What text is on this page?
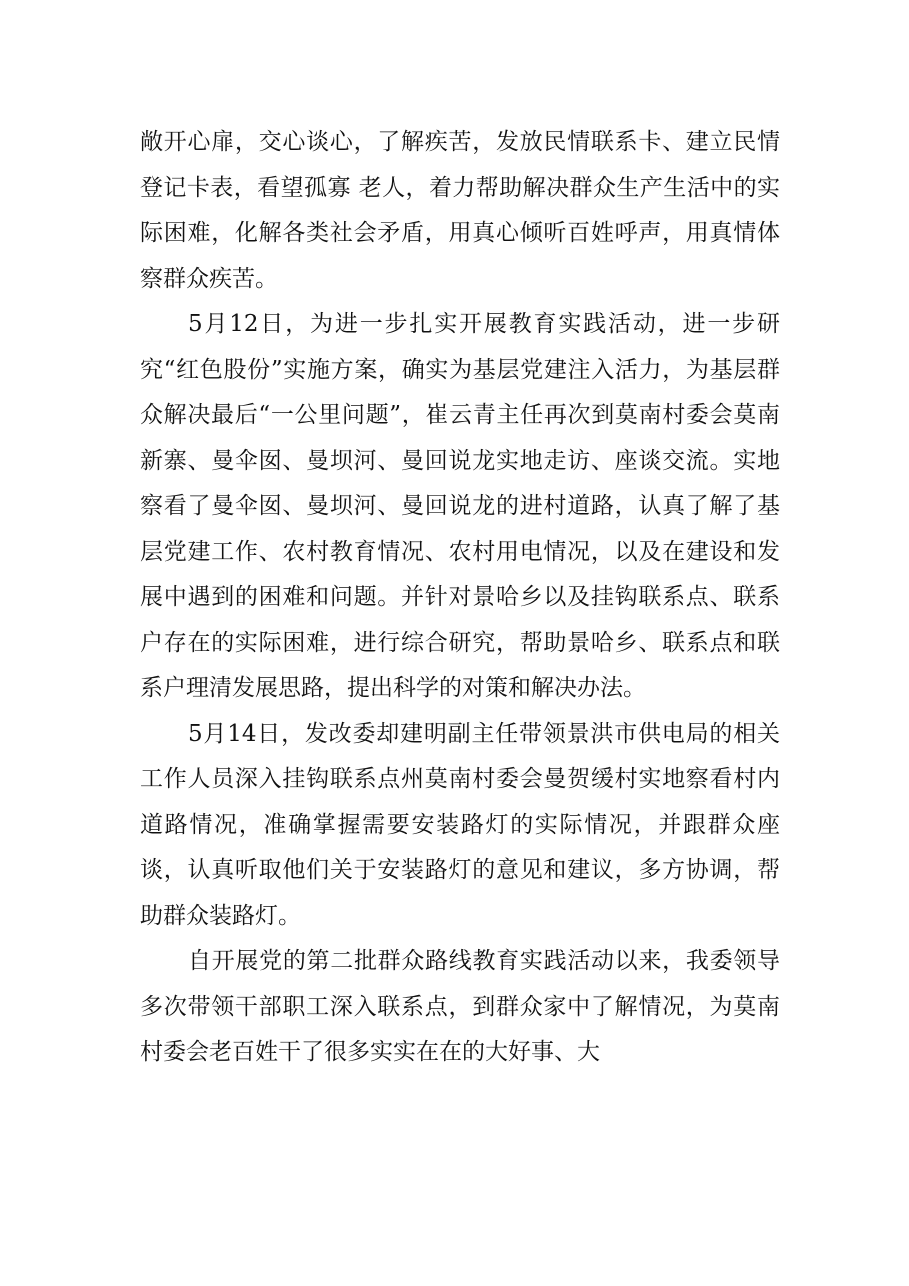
敞开心扉，交心谈心，了解疾苦，发放民情联系卡、建立民情登记卡表，看望孤寡 老人，着力帮助解决群众生产生活中的实际困难，化解各类社会矛盾，用真心倾听百姓呼声，用真情体察群众疾苦。

5月12日，为进一步扎实开展教育实践活动，进一步研究“红色股份”实施方案，确实为基层党建注入活力，为基层群众解决最后“一公里问题”，崔云青主任再次到莫南村委会莫南新寨、曼伞囡、曼坝河、曼回说龙实地走访、座谈交流。实地察看了曼伞囡、曼坝河、曼回说龙的进村道路，认真了解了基层党建工作、农村教育情况、农村用电情况，以及在建设和发展中遇到的困难和问题。并针对景哈乡以及挂钩联系点、联系户存在的实际困难，进行综合研究，帮助景哈乡、联系点和联系户理清发展思路，提出科学的对策和解决办法。

5月14日，发改委却建明副主任带领景洪市供电局的相关工作人员深入挂钩联系点州莫南村委会曼贺缓村实地察看村内道路情况，准确掌握需要安装路灯的实际情况，并跟群众座谈，认真听取他们关于安装路灯的意见和建议，多方协调，帮助群众装路灯。

自开展党的第二批群众路线教育实践活动以来，我委领导多次带领干部职工深入联系点，到群众家中了解情况，为莫南村委会老百姓干了很多实实在在的大好事、大
